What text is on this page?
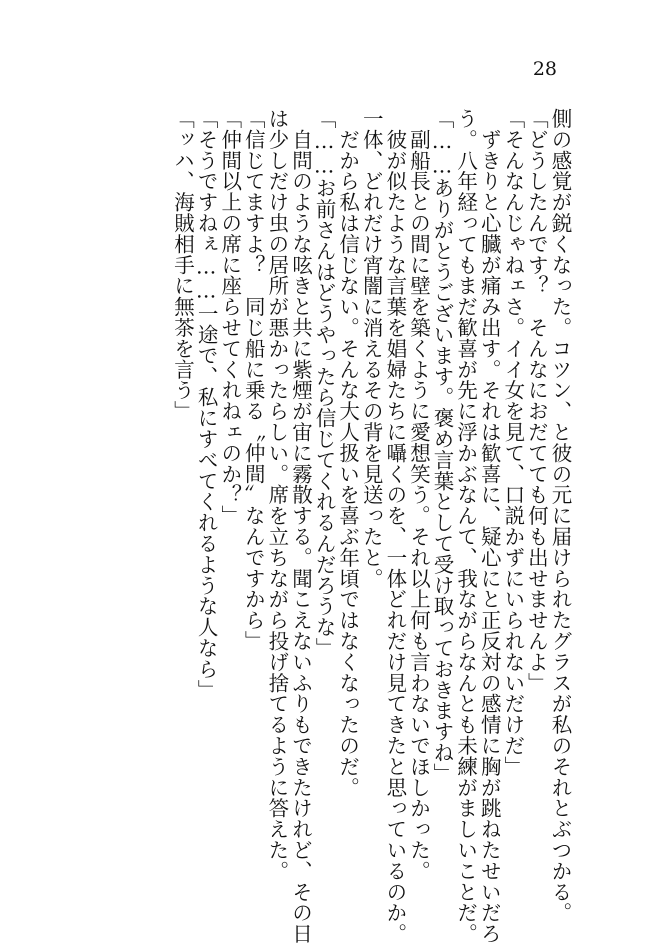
28

側の感覚が鋭くなった。コツン、と彼の元に届けられたグラスが私のそれとぶつかる。

「どうしたんです？　そんなにおだてても何も出せませんよ」

「そんなんじゃねェさ。イイ女を見て、口説かずにいられないだけだ」

　ずきりと心臓が痛み出す。それは歓喜に、疑心にと正反対の感情に胸が跳ねたせいだろ

う。八年経ってもまだ歓喜が先に浮かぶなんて、我ながらなんとも未練がましいことだ。

「……ありがとうございます。褒め言葉として受け取っておきますね」

　副船長との間に壁を築くように愛想笑う。それ以上何も言わないでほしかった。

　彼が似たような言葉を娼婦たちに囁くのを、一体どれだけ見てきたと思っているのか。

一体、どれだけ宵闇に消えるその背を見送ったと。

　だから私は信じない。そんな大人扱いを喜ぶ年頃ではなくなったのだ。

「……お前さんはどうやったら信じてくれるんだろうな」

　自問のような呟きと共に紫煙が宙に霧散する。聞こえないふりもできたけれど、その日

は少しだけ虫の居所が悪かったらしい。席を立ちながら投げ捨てるように答えた。

「信じてますよ？　同じ船に乗る〝仲間〟なんですから」

「仲間以上の席に座らせてくれねェのか？」

「そうですねぇ……一途で、私にすべてくれるような人なら」

「ッハ、海賊相手に無茶を言う」
